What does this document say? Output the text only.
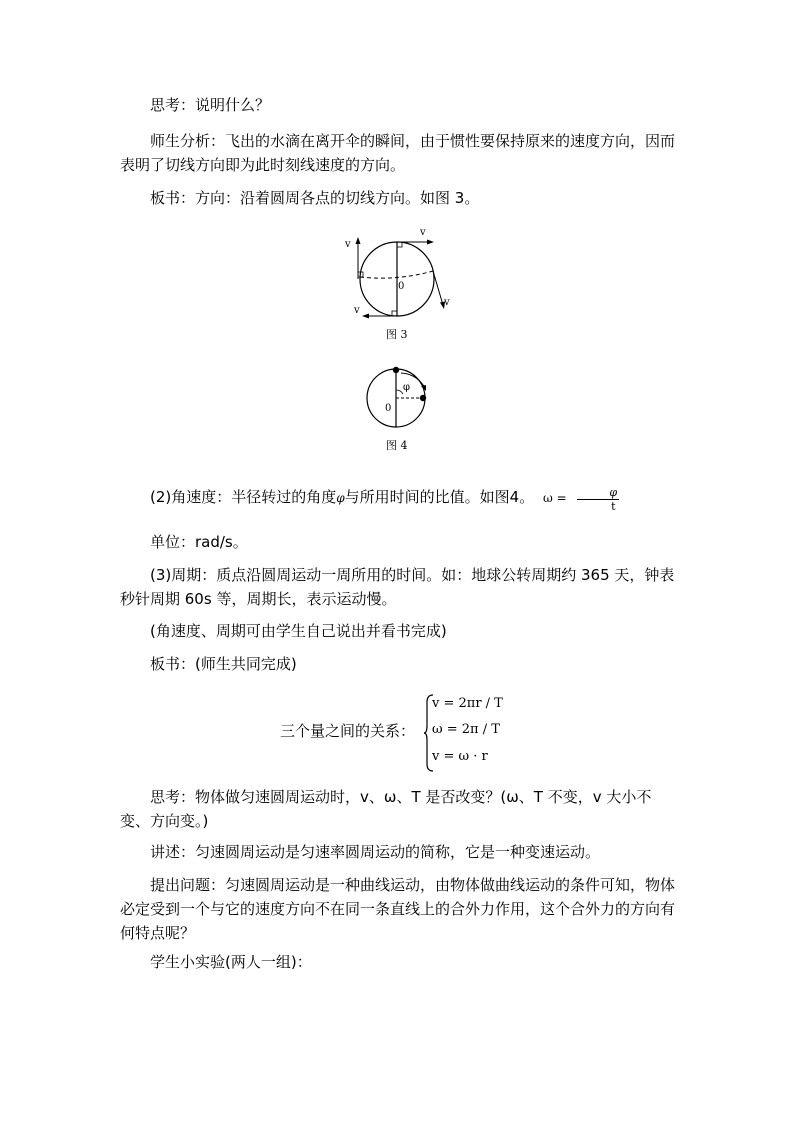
思考：说明什么？

师生分析：飞出的水滴在离开伞的瞬间，由于惯性要保持原来的速度方向，因而表明了切线方向即为此时刻线速度的方向。

板书：方向：沿着圆周各点的切线方向。如图 3。

v
v
v
v
0
图 3
0
φ
图 4
(2)角速度：半径转过的角度φ与所用时间的比值。如图4。 $\omega = \frac{\varphi}{t}$

单位：rad/s。

(3)周期：质点沿圆周运动一周所用的时间。如：地球公转周期约 365 天，钟表秒针周期 60s 等，周期长，表示运动慢。

(角速度、周期可由学生自己说出并看书完成)

板书：(师生共同完成)

三个量之间的关系：
v = 2πr / T
ω = 2π / T
v = ω · r

思考：物体做匀速圆周运动时，v、ω、T 是否改变？(ω、T 不变，v 大小不变、方向变。)

讲述：匀速圆周运动是匀速率圆周运动的简称，它是一种变速运动。

提出问题：匀速圆周运动是一种曲线运动，由物体做曲线运动的条件可知，物体必定受到一个与它的速度方向不在同一条直线上的合外力作用，这个合外力的方向有何特点呢？

学生小实验(两人一组)：
